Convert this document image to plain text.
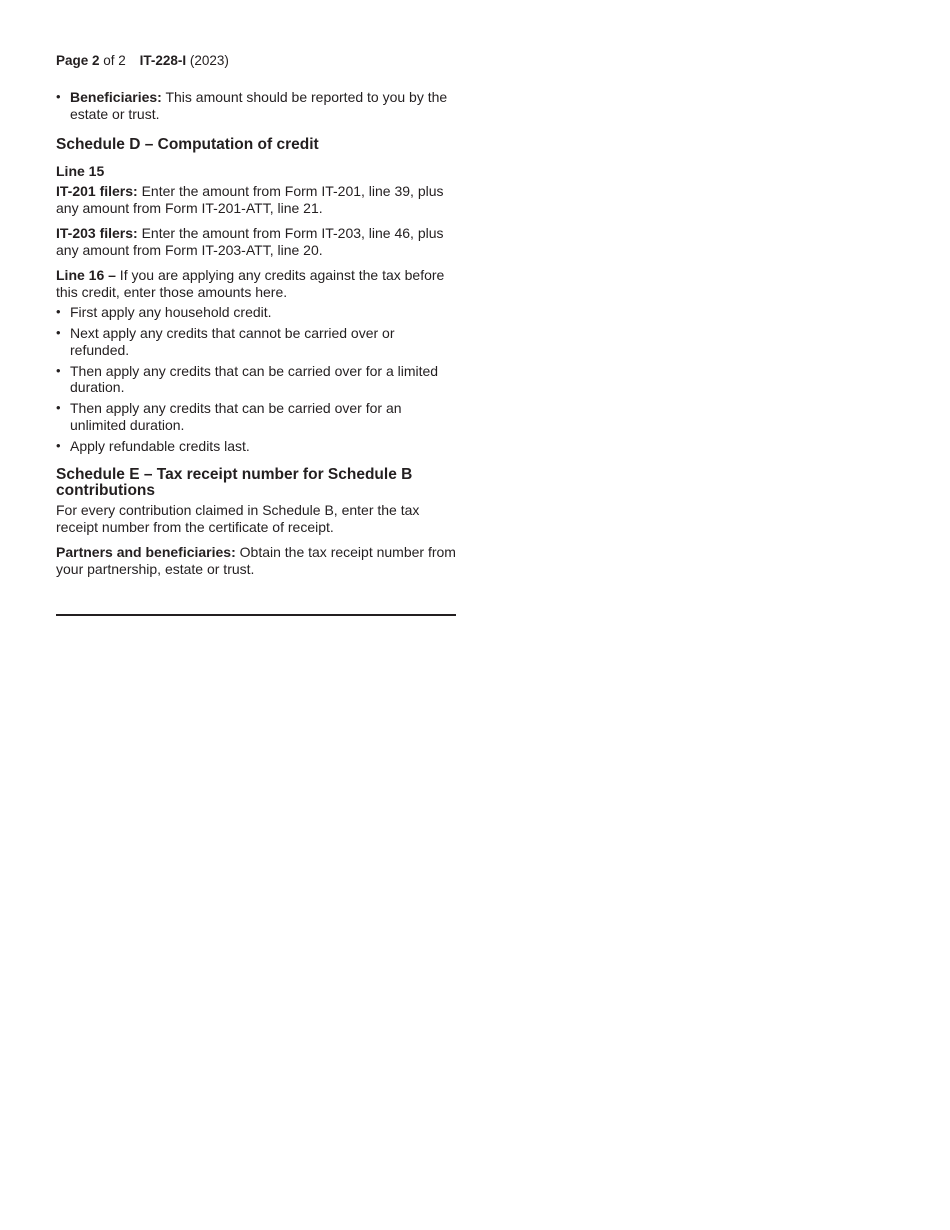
Page 2 of 2 IT-228-I (2023)
• Beneficiaries: This amount should be reported to you by the estate or trust.
Schedule D – Computation of credit
Line 15

IT-201 filers: Enter the amount from Form IT-201, line 39, plus any amount from Form IT-201-ATT, line 21.

IT-203 filers: Enter the amount from Form IT-203, line 46, plus any amount from Form IT-203-ATT, line 20.

Line 16 – If you are applying any credits against the tax before this credit, enter those amounts here.

• First apply any household credit.
• Next apply any credits that cannot be carried over or refunded.
• Then apply any credits that can be carried over for a limited duration.
• Then apply any credits that can be carried over for an unlimited duration.
• Apply refundable credits last.
Schedule E – Tax receipt number for Schedule B contributions

For every contribution claimed in Schedule B, enter the tax receipt number from the certificate of receipt.

Partners and beneficiaries: Obtain the tax receipt number from your partnership, estate or trust.
